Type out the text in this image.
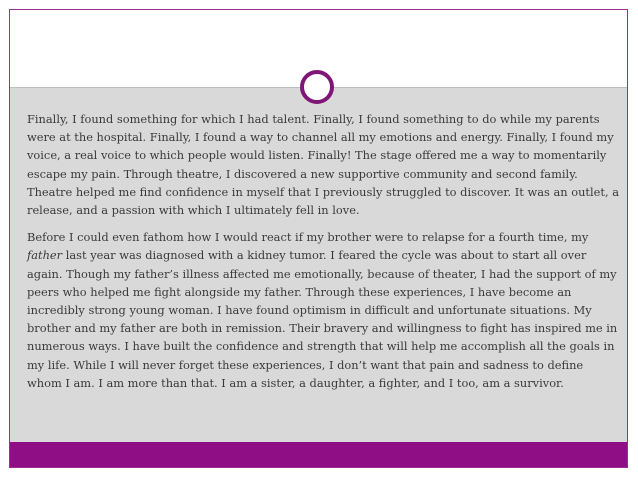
Finally, I found something for which I had talent. Finally, I found something to do while my parents were at the hospital. Finally, I found a way to channel all my emotions and energy. Finally, I found my voice, a real voice to which people would listen. Finally! The stage offered me a way to momentarily escape my pain. Through theatre, I discovered a new supportive community and second family. Theatre helped me find confidence in myself that I previously struggled to discover. It was an outlet, a release, and a passion with which I ultimately fell in love.

Before I could even fathom how I would react if my brother were to relapse for a fourth time, my father last year was diagnosed with a kidney tumor. I feared the cycle was about to start all over again. Though my father’s illness affected me emotionally, because of theater, I had the support of my peers who helped me fight alongside my father. Through these experiences, I have become an incredibly strong young woman. I have found optimism in difficult and unfortunate situations. My brother and my father are both in remission. Their bravery and willingness to fight has inspired me in numerous ways. I have built the confidence and strength that will help me accomplish all the goals in my life. While I will never forget these experiences, I don’t want that pain and sadness to define whom I am. I am more than that. I am a sister, a daughter, a fighter, and I too, am a survivor.
